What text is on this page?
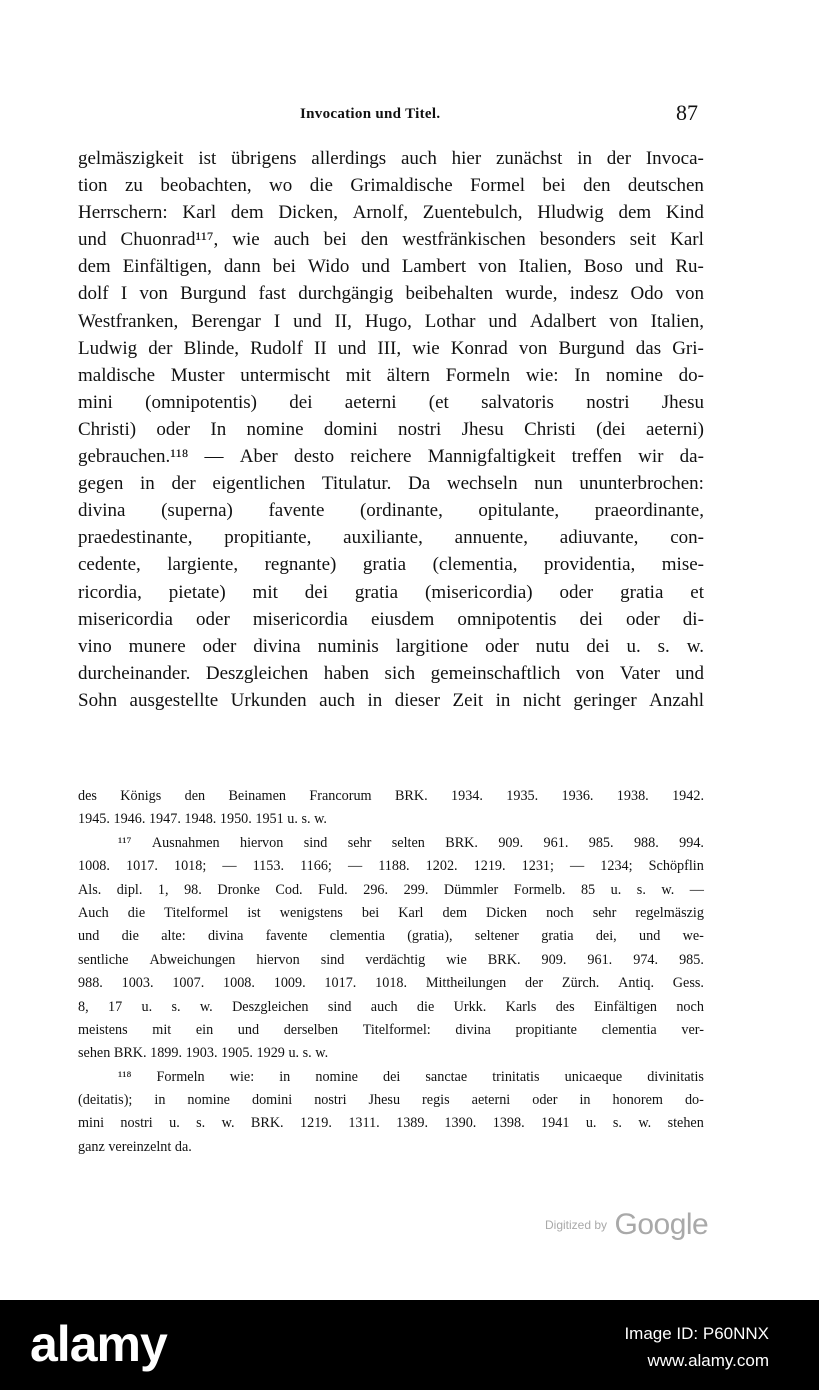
Invocation und Titel.	87
gelmäszigkeit ist übrigens allerdings auch hier zunächst in der Invoca-
tion zu beobachten, wo die Grimaldische Formel bei den deutschen
Herrschern: Karl dem Dicken, Arnolf, Zuentebulch, Hludwig dem Kind
und Chuonrad¹¹⁷, wie auch bei den westfränkischen besonders seit Karl
dem Einfältigen, dann bei Wido und Lambert von Italien, Boso und Ru-
dolf I von Burgund fast durchgängig beibehalten wurde, indesz Odo von
Westfranken, Berengar I und II, Hugo, Lothar und Adalbert von Italien,
Ludwig der Blinde, Rudolf II und III, wie Konrad von Burgund das Gri-
maldische Muster untermischt mit ältern Formeln wie: In nomine do-
mini (omnipotentis) dei aeterni (et salvatoris nostri Jhesu
Christi) oder In nomine domini nostri Jhesu Christi (dei aeterni)
gebrauchen.¹¹⁸ — Aber desto reichere Mannigfaltigkeit treffen wir da-
gegen in der eigentlichen Titulatur. Da wechseln nun ununterbrochen:
divina (superna) favente (ordinante, opitulante, praeordinante,
praedestinante, propitiante, auxiliante, annuente, adiuvante, con-
cedente, largiente, regnante) gratia (clementia, providentia, mise-
ricordia, pietate) mit dei gratia (misericordia) oder gratia et
misericordia oder misericordia eiusdem omnipotentis dei oder di-
vino munere oder divina numinis largitione oder nutu dei u. s. w.
durcheinander. Deszgleichen haben sich gemeinschaftlich von Vater und
Sohn ausgestellte Urkunden auch in dieser Zeit in nicht geringer Anzahl
des Königs den Beinamen Francorum BRK. 1934. 1935. 1936. 1938. 1942.
1945. 1946. 1947. 1948. 1950. 1951 u. s. w.
¹¹⁷ Ausnahmen hiervon sind sehr selten BRK. 909. 961. 985. 988. 994.
1008. 1017. 1018; — 1153. 1166; — 1188. 1202. 1219. 1231; — 1234; Schöpflin
Als. dipl. 1, 98. Dronke Cod. Fuld. 296. 299. Dümmler Formelb. 85 u. s. w. —
Auch die Titelformel ist wenigstens bei Karl dem Dicken noch sehr regelmäszig
und die alte: divina favente clementia (gratia), seltener gratia dei, und we-
sentliche Abweichungen hiervon sind verdächtig wie BRK. 909. 961. 974. 985.
988. 1003. 1007. 1008. 1009. 1017. 1018. Mittheilungen der Zürch. Antiq. Gess.
8, 17 u. s. w. Deszgleichen sind auch die Urkk. Karls des Einfältigen noch
meistens mit ein und derselben Titelformel: divina propitiante clementia ver-
sehen BRK. 1899. 1903. 1905. 1929 u. s. w.
¹¹⁸ Formeln wie: in nomine dei sanctae trinitatis unicaeque divinitatis
(deitatis); in nomine domini nostri Jhesu regis aeterni oder in honorem do-
mini nostri u. s. w. BRK. 1219. 1311. 1389. 1390. 1398. 1941 u. s. w. stehen
ganz vereinzelnt da.
Digitized by Google
alamy	Image ID: P60NNX
www.alamy.com
